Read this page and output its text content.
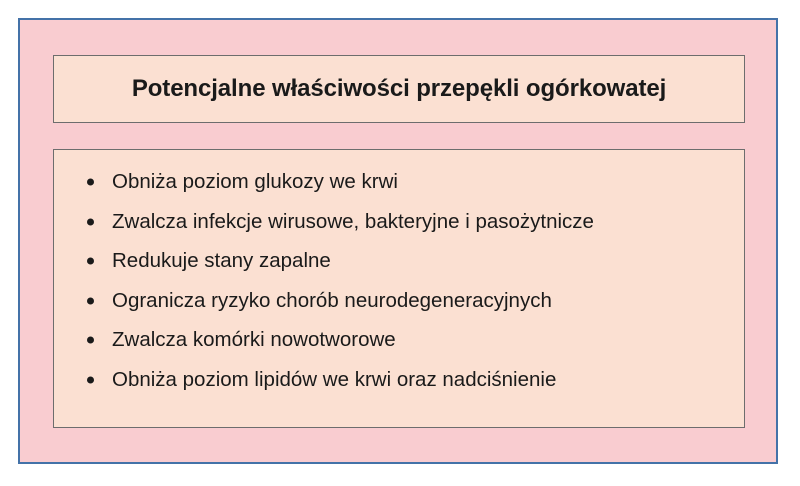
Potencjalne właściwości przepękli ogórkowatej
Obniża poziom glukozy we krwi
Zwalcza infekcje wirusowe, bakteryjne i pasożytnicze
Redukuje stany zapalne
Ogranicza ryzyko chorób neurodegeneracyjnych
Zwalcza komórki nowotworowe
Obniża poziom lipidów we krwi oraz nadciśnienie
